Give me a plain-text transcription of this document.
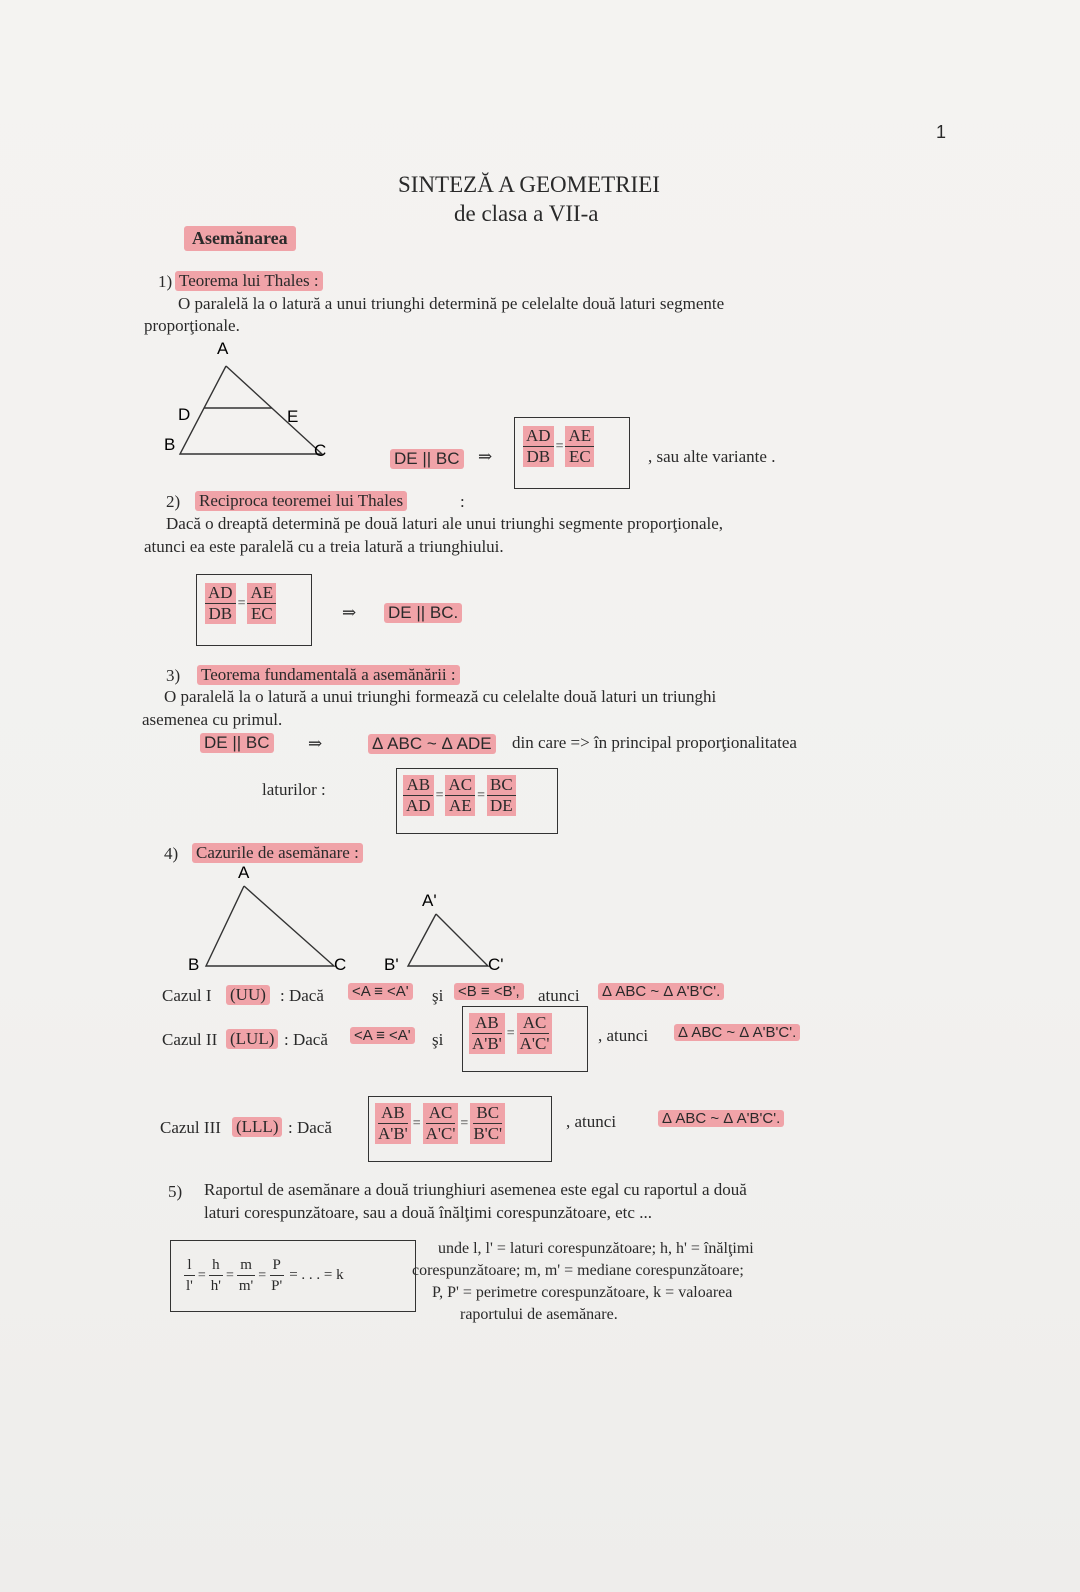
1
SINTEZĂ A GEOMETRIEI
de clasa a VII-a
Asemănarea
1) Teorema lui Thales :
O paralelă la o latură a unui triunghi determină pe celelalte două laturi segmente
proporţionale.
A
D	E
B	C	DE || BC ⇒ $\frac{AD}{DB} = \frac{AE}{EC}$	, sau alte variante .
2) Reciproca teoremei lui Thales	:
Dacă o dreaptă determină pe două laturi ale unui triunghi segmente proporţionale,
atunci ea este paralelă cu a treia latură a triunghiului.
$\frac{AD}{DB} = \frac{AE}{EC}$	⇒ DE || BC.
3) Teorema fundamentală a asemănării :
O paralelă la o latură a unui triunghi formează cu celelalte două laturi un triunghi
asemenea cu primul.
DE || BC ⇒	Δ ABC ~ Δ ADE din care => în principal proporţionalitatea
laturilor :	$\frac{AB}{AD} = \frac{AC}{AE} = \frac{BC}{DE}$
4) Cazurile de asemănare :
A
B	C
A'
B'	C'
Cazul I (UU) : Dacă <A ≡ <A' şi <B ≡ <B', atunci Δ ABC ~ Δ A'B'C'.
Cazul II (LUL) : Dacă <A ≡ <A' şi $\frac{AB}{A'B'} = \frac{AC}{A'C'}$	, atunci Δ ABC ~ Δ A'B'C'.
Cazul III (LLL) : Dacă	$\frac{AB}{A'B'} = \frac{AC}{A'C'} = \frac{BC}{B'C'}$	, atunci	Δ ABC ~ Δ A'B'C'.
5) Raportul de asemănare a două triunghiuri asemenea este egal cu raportul a două
laturi corespunzătoare, sau a două înălţimi corespunzătoare, etc ...
$\frac{l}{l'} = \frac{h}{h'} = \frac{m}{m'} = \frac{P}{P'}$ = . . . = k
unde l, l' = laturi corespunzătoare; h, h' = înălţimi
corespunzătoare; m, m' = mediane corespunzătoare;
P, P' = perimetre corespunzătoare, k = valoarea
raportului de asemănare.
